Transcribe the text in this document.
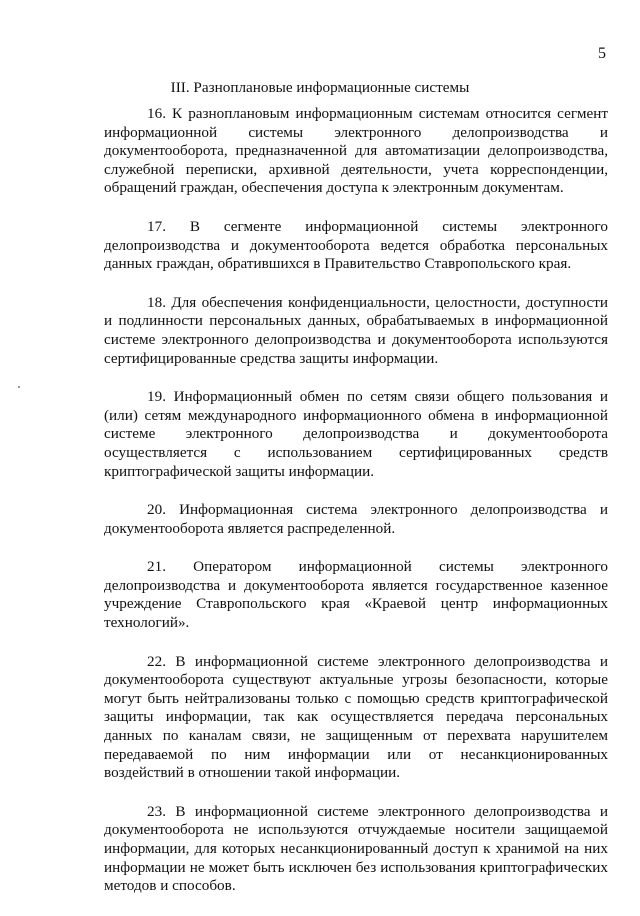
5
III. Разноплановые информационные системы

16. К разноплановым информационным системам относится сегмент информационной системы электронного делопроизводства и документооборота, предназначенной для автоматизации делопроизводства, служебной переписки, архивной деятельности, учета корреспонденции, обращений граждан, обеспечения доступа к электронным документам.

17. В сегменте информационной системы электронного делопроизводства и документооборота ведется обработка персональных данных граждан, обратившихся в Правительство Ставропольского края.

18. Для обеспечения конфиденциальности, целостности, доступности и подлинности персональных данных, обрабатываемых в информационной системе электронного делопроизводства и документооборота используются сертифицированные средства защиты информации.

19. Информационный обмен по сетям связи общего пользования и (или) сетям международного информационного обмена в информационной системе электронного делопроизводства и документооборота осуществляется с использованием сертифицированных средств криптографической защиты информации.

20. Информационная система электронного делопроизводства и документооборота является распределенной.

21. Оператором информационной системы электронного делопроизводства и документооборота является государственное казенное учреждение Ставропольского края «Краевой центр информационных технологий».

22. В информационной системе электронного делопроизводства и документооборота существуют актуальные угрозы безопасности, которые могут быть нейтрализованы только с помощью средств криптографической защиты информации, так как осуществляется передача персональных данных по каналам связи, не защищенным от перехвата нарушителем передаваемой по ним информации или от несанкционированных воздействий в отношении такой информации.

23. В информационной системе электронного делопроизводства и документооборота не используются отчуждаемые носители защищаемой информации, для которых несанкционированный доступ к хранимой на них информации не может быть исключен без использования криптографических методов и способов.
